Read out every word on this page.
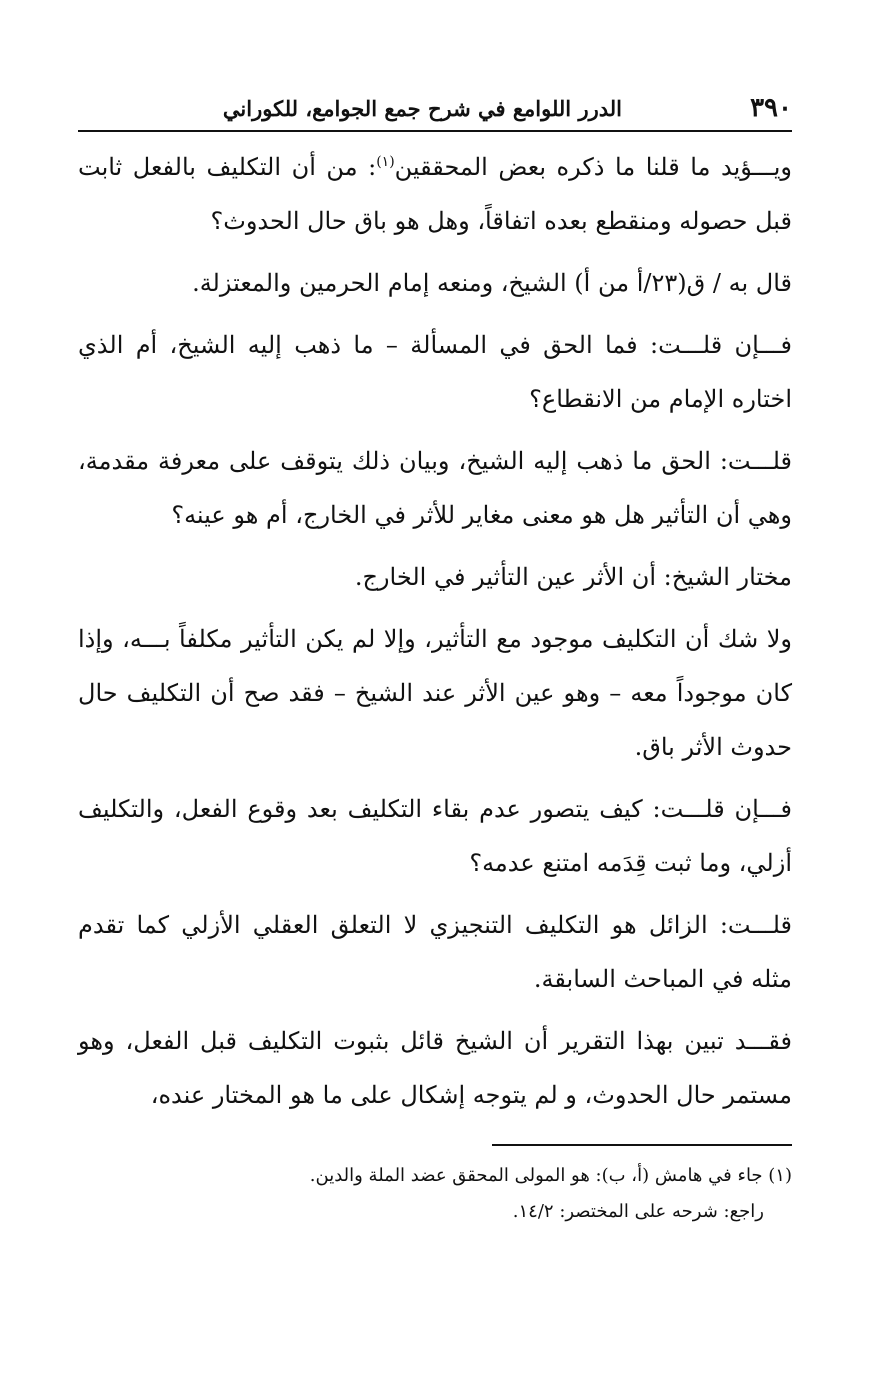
٣٩٠
الدرر اللوامع في شرح جمع الجوامع، للكوراني

ويـــؤيد ما قلنا ما ذكره بعض المحققين$^{(١)}$: من أن التكليف بالفعل ثابت قبل حصوله ومنقطع بعده اتفاقاً، وهل هو باق حال الحدوث؟

قال به / ق(٢٣/أ من أ) الشيخ، ومنعه إمام الحرمين والمعتزلة.

فـــإن قلـــت: فما الحق في المسألة – ما ذهب إليه الشيخ، أم الذي اختاره الإمام من الانقطاع؟

قلـــت: الحق ما ذهب إليه الشيخ، وبيان ذلك يتوقف على معرفة مقدمة، وهي أن التأثير هل هو معنى مغاير للأثر في الخارج، أم هو عينه؟

مختار الشيخ: أن الأثر عين التأثير في الخارج.

ولا شك أن التكليف موجود مع التأثير، وإلا لم يكن التأثير مكلفاً بـــه، وإذا كان موجوداً معه – وهو عين الأثر عند الشيخ – فقد صح أن التكليف حال حدوث الأثر باق.

فـــإن قلـــت: كيف يتصور عدم بقاء التكليف بعد وقوع الفعل، والتكليف أزلي، وما ثبت قِدَمه امتنع عدمه؟

قلـــت: الزائل هو التكليف التنجيزي لا التعلق العقلي الأزلي كما تقدم مثله في المباحث السابقة.

فقـــد تبين بهذا التقرير أن الشيخ قائل بثبوت التكليف قبل الفعل، وهو مستمر حال الحدوث، و لم يتوجه إشكال على ما هو المختار عنده،

(١) جاء في هامش (أ، ب): هو المولى المحقق عضد الملة والدين.

راجع: شرحه على المختصر: ١٤/٢.
